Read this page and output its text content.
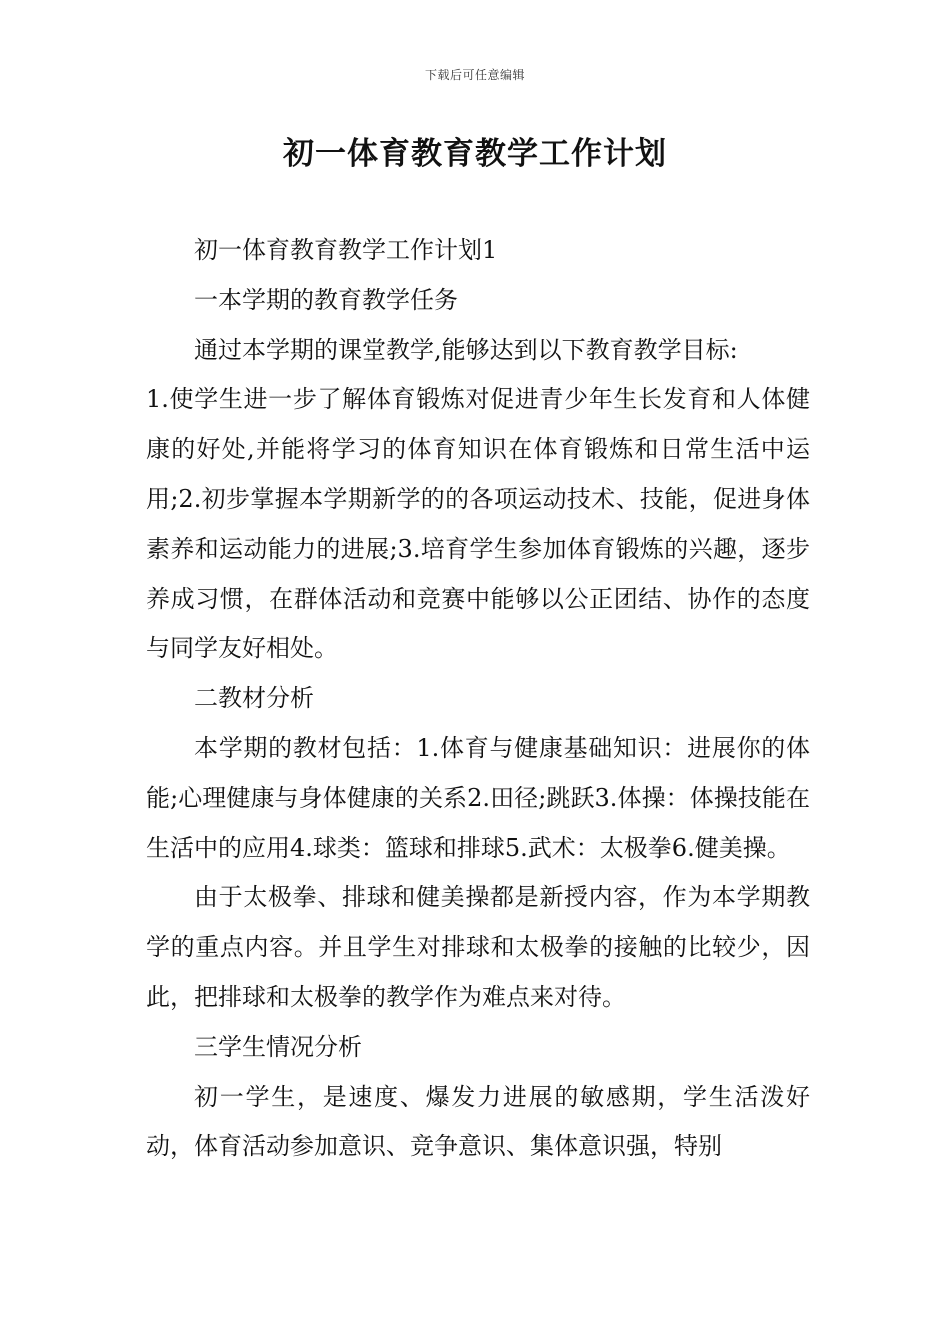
下载后可任意编辑
初一体育教育教学工作计划

初一体育教育教学工作计划1

一本学期的教育教学任务

通过本学期的课堂教学,能够达到以下教育教学目标:

1.使学生进一步了解体育锻炼对促进青少年生长发育和人体健康的好处,并能将学习的体育知识在体育锻炼和日常生活中运用;2.初步掌握本学期新学的的各项运动技术、技能，促进身体素养和运动能力的进展;3.培育学生参加体育锻炼的兴趣，逐步养成习惯，在群体活动和竞赛中能够以公正团结、协作的态度与同学友好相处。

二教材分析

本学期的教材包括：1.体育与健康基础知识：进展你的体能;心理健康与身体健康的关系2.田径;跳跃3.体操：体操技能在生活中的应用4.球类：篮球和排球5.武术：太极拳6.健美操。

由于太极拳、排球和健美操都是新授内容，作为本学期教学的重点内容。并且学生对排球和太极拳的接触的比较少，因此，把排球和太极拳的教学作为难点来对待。

三学生情况分析

初一学生，是速度、爆发力进展的敏感期，学生活泼好动，体育活动参加意识、竞争意识、集体意识强，特别
